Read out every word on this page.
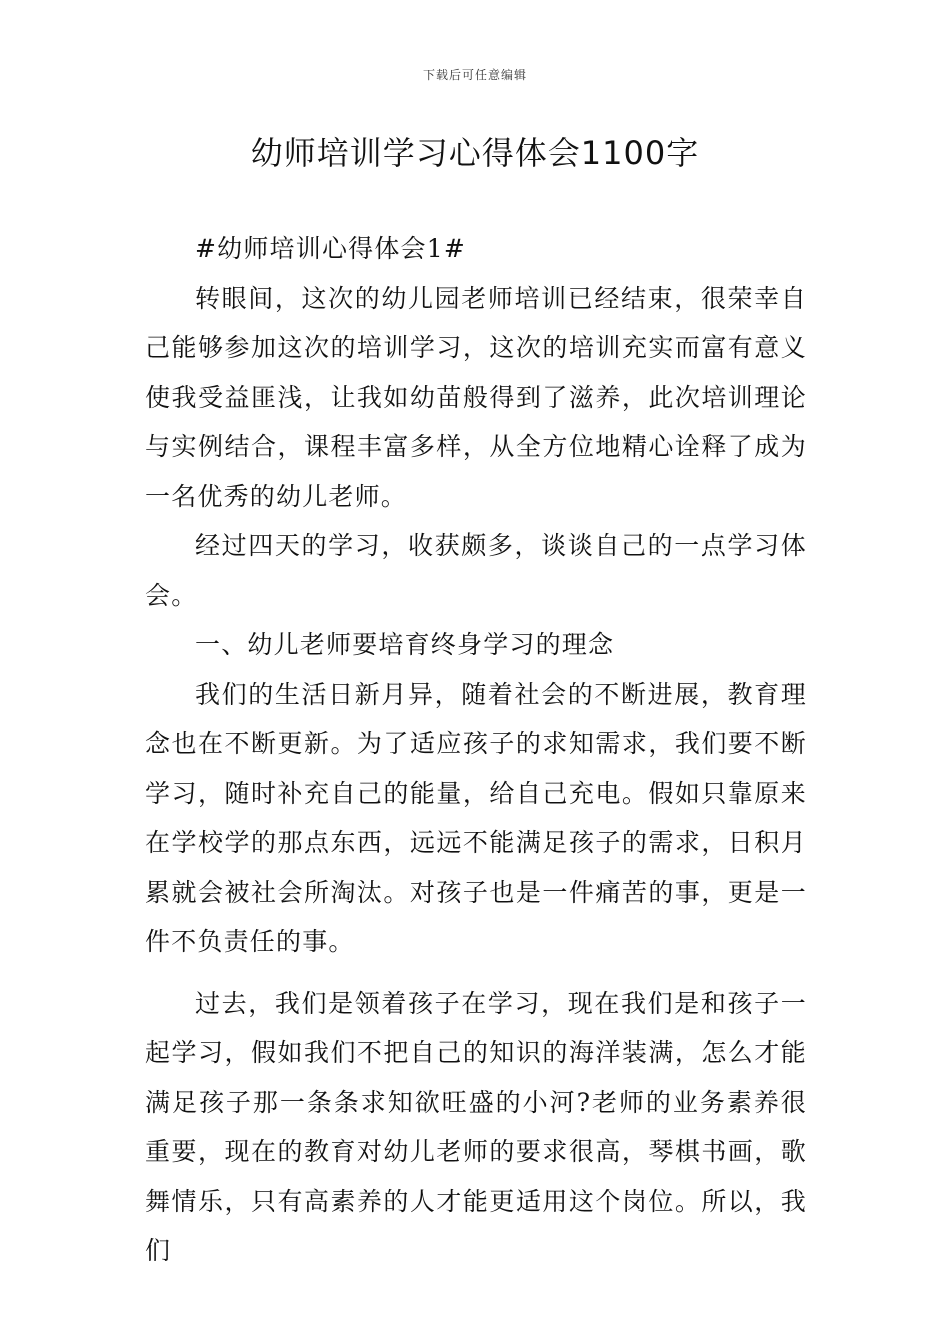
下载后可任意编辑
幼师培训学习心得体会1100字

#幼师培训心得体会1#

转眼间，这次的幼儿园老师培训已经结束，很荣幸自己能够参加这次的培训学习，这次的培训充实而富有意义使我受益匪浅，让我如幼苗般得到了滋养，此次培训理论与实例结合，课程丰富多样，从全方位地精心诠释了成为一名优秀的幼儿老师。

经过四天的学习，收获颇多，谈谈自己的一点学习体会。

一、幼儿老师要培育终身学习的理念

我们的生活日新月异，随着社会的不断进展，教育理念也在不断更新。为了适应孩子的求知需求，我们要不断学习，随时补充自己的能量，给自己充电。假如只靠原来在学校学的那点东西，远远不能满足孩子的需求，日积月累就会被社会所淘汰。对孩子也是一件痛苦的事，更是一件不负责任的事。

过去，我们是领着孩子在学习，现在我们是和孩子一起学习，假如我们不把自己的知识的海洋装满，怎么才能满足孩子那一条条求知欲旺盛的小河?老师的业务素养很重要，现在的教育对幼儿老师的要求很高，琴棋书画，歌舞情乐，只有高素养的人才能更适用这个岗位。所以，我们
